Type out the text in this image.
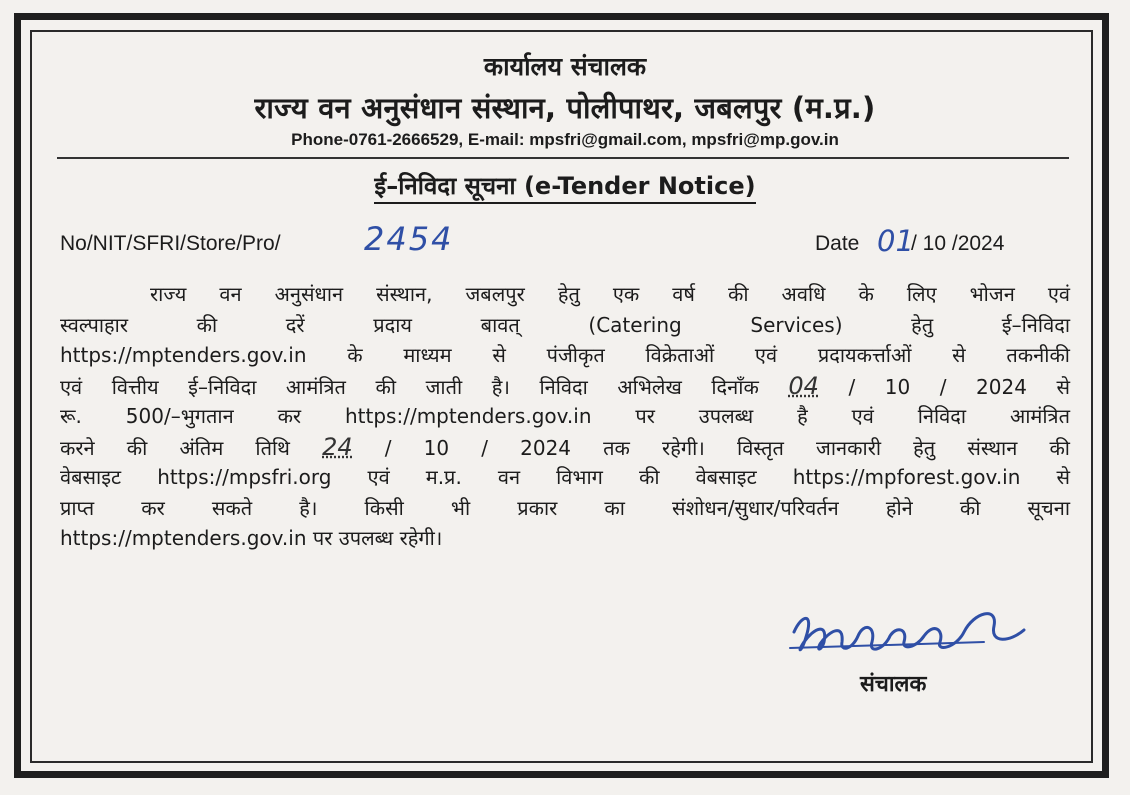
कार्यालय संचालक
राज्य वन अनुसंधान संस्थान, पोलीपाथर, जबलपुर (म.प्र.)
Phone-0761-2666529, E-mail: mpsfri@gmail.com, mpsfri@mp.gov.in
ई–निविदा सूचना (e-Tender Notice)
No/NIT/SFRI/Store/Pro/	2454	Date 01
/ 10 /2024
राज्य वन अनुसंधान संस्थान, जबलपुर हेतु एक वर्ष की अवधि के लिए भोजन एवं
स्वल्पाहार की दरें प्रदाय बावत् (Catering Services) हेतु ई–निविदा
https://mptenders.gov.in के माध्यम से पंजीकृत विक्रेताओं एवं प्रदायकर्त्ताओं से तकनीकी
एवं वित्तीय ई–निविदा आमंत्रित की जाती है। निविदा अभिलेख दिनाँक 04 / 10 / 2024 से
रू. 500/–भुगतान कर https://mptenders.gov.in पर उपलब्ध है एवं निविदा आमंत्रित
करने की अंतिम तिथि 24 / 10 / 2024 तक रहेगी। विस्तृत जानकारी हेतु संस्थान की
वेबसाइट https://mpsfri.org एवं म.प्र. वन विभाग की वेबसाइट https://mpforest.gov.in से
प्राप्त कर सकते है। किसी भी प्रकार का संशोधन/सुधार/परिवर्तन होने की सूचना
https://mptenders.gov.in पर उपलब्ध रहेगी।
संचालक
